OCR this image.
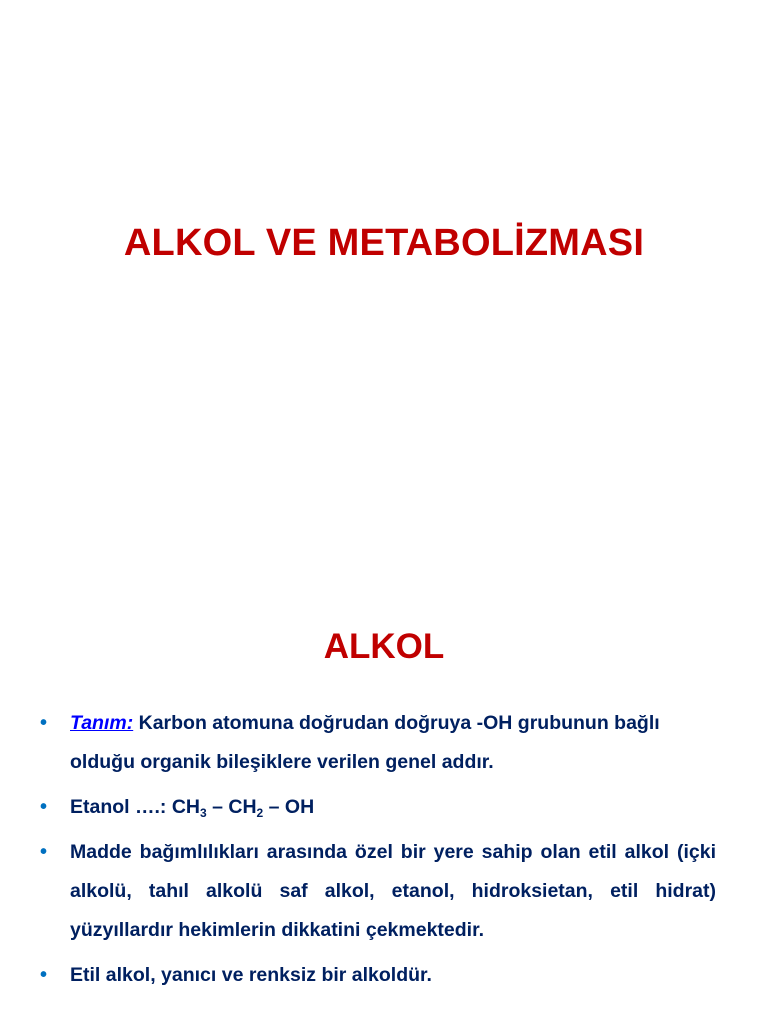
ALKOL VE METABOLİZMASI
ALKOL
• Tanım: Karbon atomuna doğrudan doğruya -OH grubunun bağlı olduğu organik bileşiklere verilen genel addır.
• Etanol ….: $CH_3 - CH_2$ – OH
• Madde bağımlılıkları arasında özel bir yere sahip olan etil alkol (içki alkolü, tahıl alkolü saf alkol, etanol, hidroksietan, etil hidrat) yüzyıllardır hekimlerin dikkatini çekmektedir.
• Etil alkol, yanıcı ve renksiz bir alkoldür.
